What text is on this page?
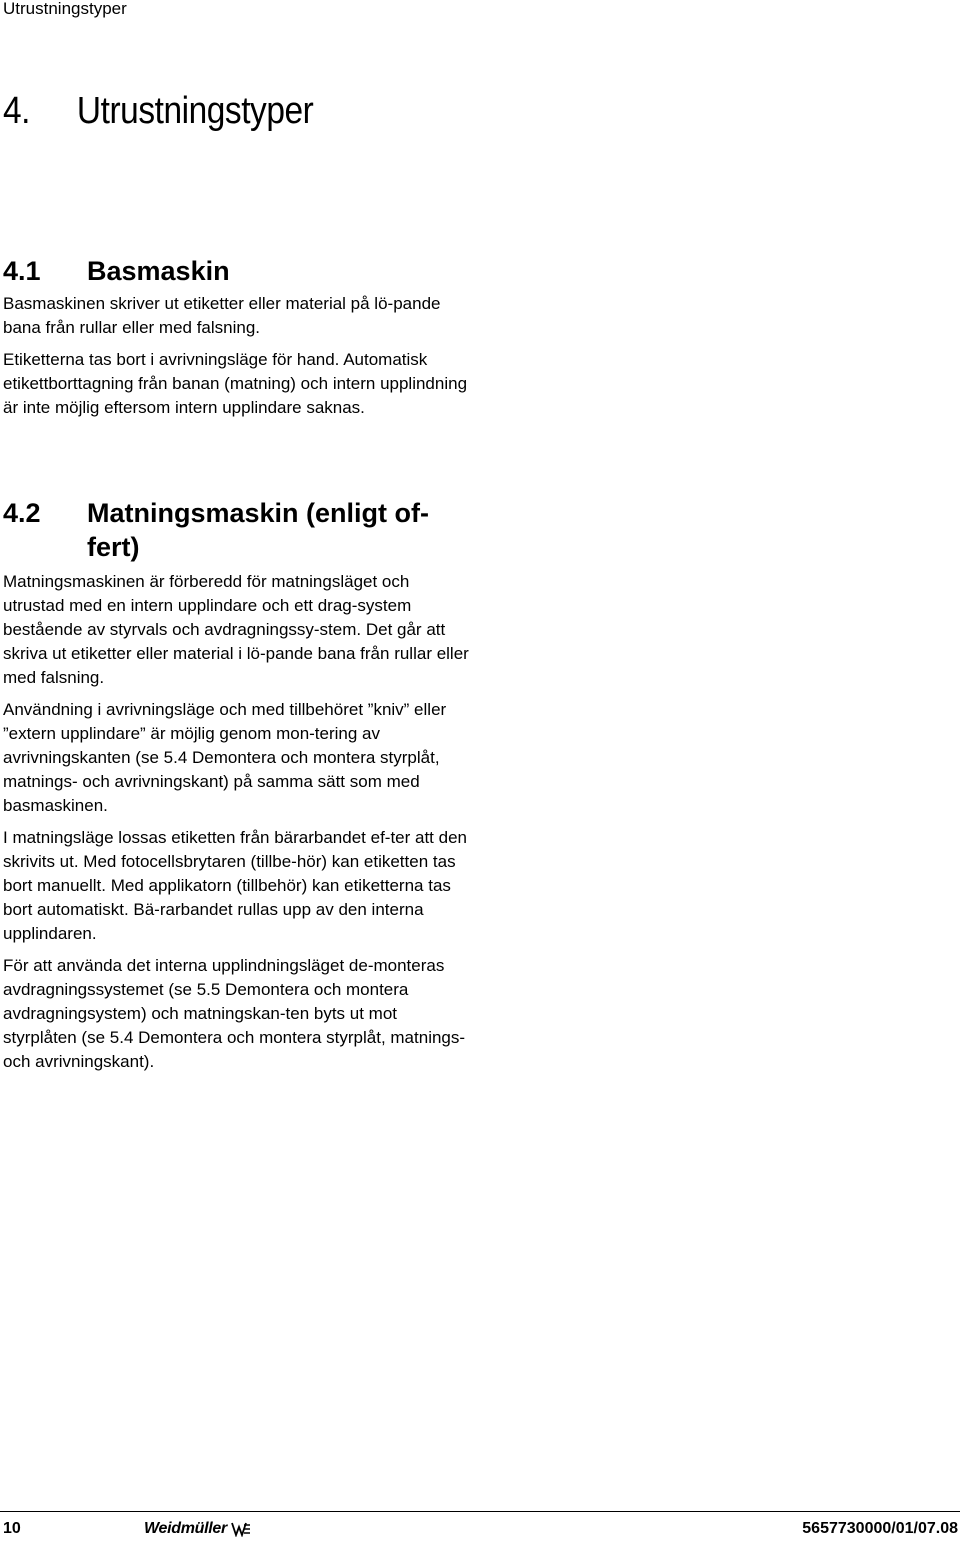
Utrustningstyper
4. Utrustningstyper
4.1	Basmaskin

Basmaskinen skriver ut etiketter eller material på lö-pande bana från rullar eller med falsning.

Etiketterna tas bort i avrivningsläge för hand. Automatisk etikettborttagning från banan (matning) och intern upplindning är inte möjlig eftersom intern upplindare saknas.

4.2	Matningsmaskin (enligt of-fert)

Matningsmaskinen är förberedd för matningsläget och utrustad med en intern upplindare och ett drag-system bestående av styrvals och avdragningssy-stem. Det går att skriva ut etiketter eller material i lö-pande bana från rullar eller med falsning.

Användning i avrivningsläge och med tillbehöret ”kniv” eller ”extern upplindare” är möjlig genom mon-tering av avrivningskanten (se 5.4 Demontera och montera styrplåt, matnings- och avrivningskant) på samma sätt som med basmaskinen.

I matningsläge lossas etiketten från bärarbandet ef-ter att den skrivits ut. Med fotocellsbrytaren (tillbe-hör) kan etiketten tas bort manuellt. Med applikatorn (tillbehör) kan etiketterna tas bort automatiskt. Bä-rarbandet rullas upp av den interna upplindaren.

För att använda det interna upplindningsläget de-monteras avdragningssystemet (se 5.5 Demontera och montera avdragningsystem) och matningskan-ten byts ut mot styrplåten (se 5.4 Demontera och montera styrplåt, matnings- och avrivningskant).

10	Weidmüller	5657730000/01/07.08
